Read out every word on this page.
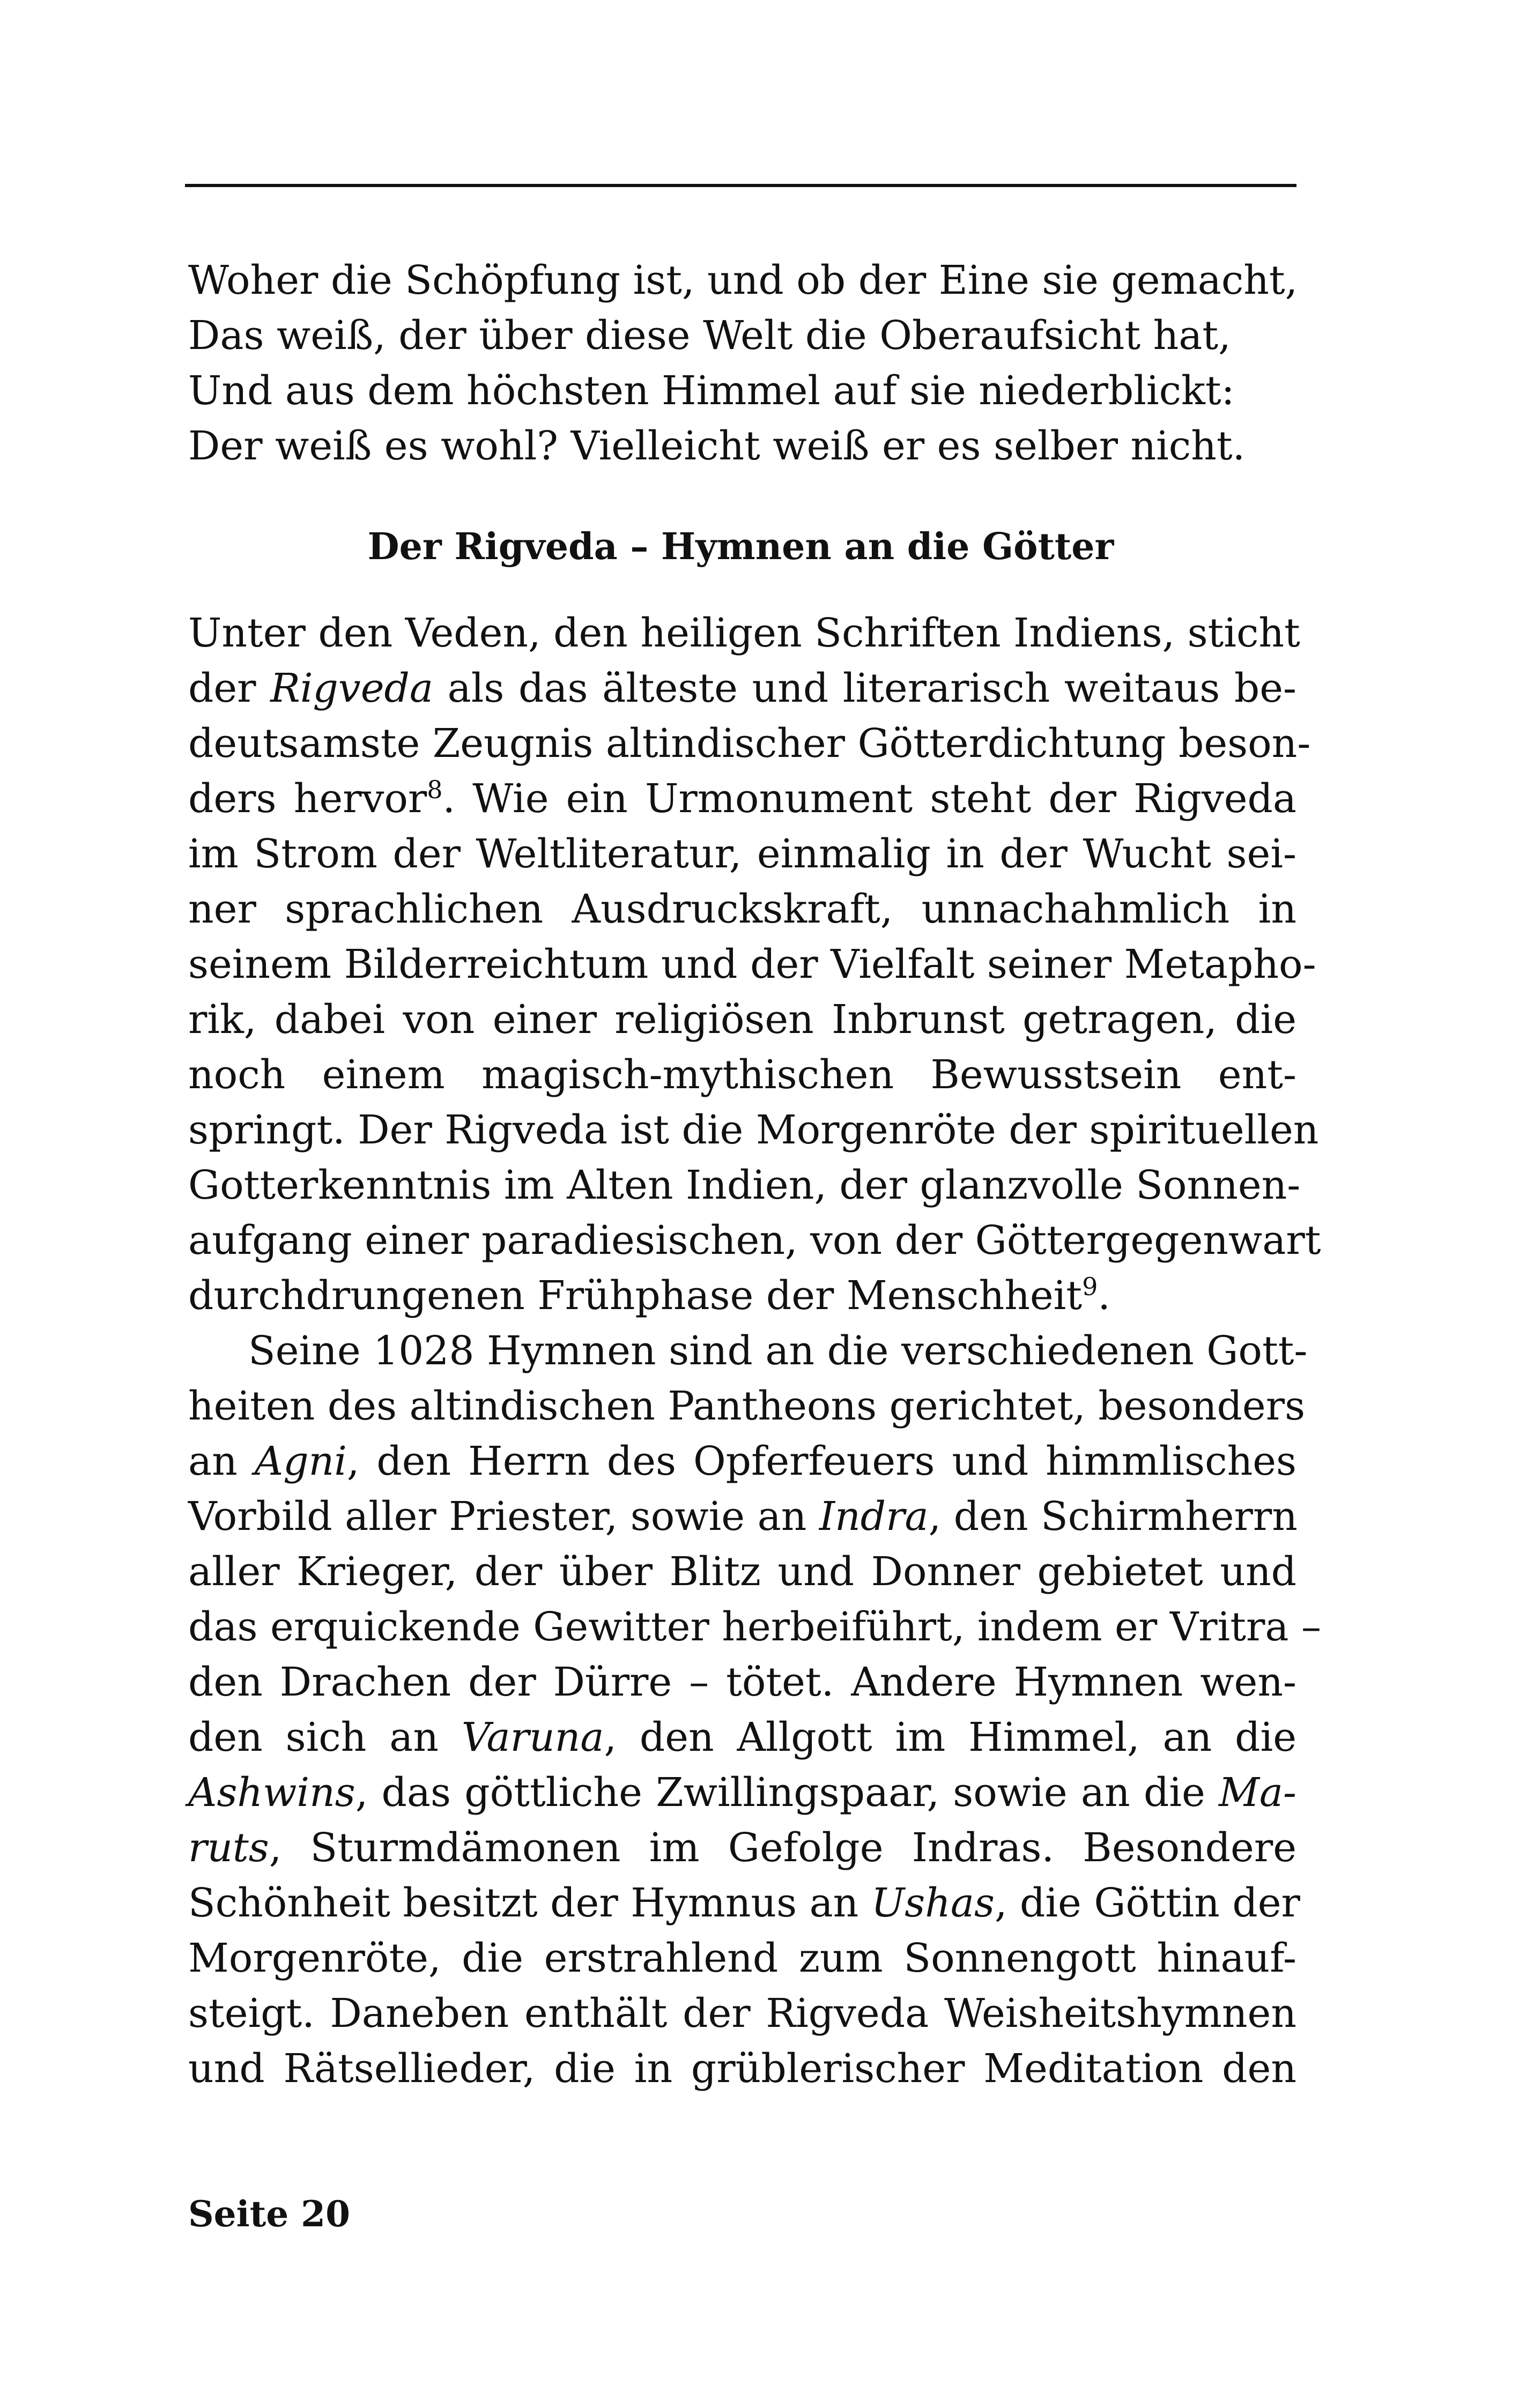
Woher die Schöpfung ist, und ob der Eine sie gemacht,
Das weiß, der über diese Welt die Oberaufsicht hat,
Und aus dem höchsten Himmel auf sie niederblickt:
Der weiß es wohl? Vielleicht weiß er es selber nicht.
Der Rigveda – Hymnen an die Götter
Unter den Veden, den heiligen Schriften Indiens, sticht
der Rigveda als das älteste und literarisch weitaus be-
deutsamste Zeugnis altindischer Götterdichtung beson-
ders hervor$^8$. Wie ein Urmonument steht der Rigveda
im Strom der Weltliteratur, einmalig in der Wucht sei-
ner sprachlichen Ausdruckskraft, unnachahmlich in
seinem Bilderreichtum und der Vielfalt seiner Metapho-
rik, dabei von einer religiösen Inbrunst getragen, die
noch einem magisch-mythischen Bewusstsein ent-
springt. Der Rigveda ist die Morgenröte der spirituellen
Gotterkenntnis im Alten Indien, der glanzvolle Sonnen-
aufgang einer paradiesischen, von der Göttergegenwart
durchdrungenen Frühphase der Menschheit$^9$.
Seine 1028 Hymnen sind an die verschiedenen Gott-
heiten des altindischen Pantheons gerichtet, besonders
an Agni, den Herrn des Opferfeuers und himmlisches
Vorbild aller Priester, sowie an Indra, den Schirmherrn
aller Krieger, der über Blitz und Donner gebietet und
das erquickende Gewitter herbeiführt, indem er Vritra –
den Drachen der Dürre – tötet. Andere Hymnen wen-
den sich an Varuna, den Allgott im Himmel, an die
Ashwins, das göttliche Zwillingspaar, sowie an die Ma-
ruts, Sturmdämonen im Gefolge Indras. Besondere
Schönheit besitzt der Hymnus an Ushas, die Göttin der
Morgenröte, die erstrahlend zum Sonnengott hinauf-
steigt. Daneben enthält der Rigveda Weisheitshymnen
und Rätsellieder, die in grüblerischer Meditation den
Seite 20
